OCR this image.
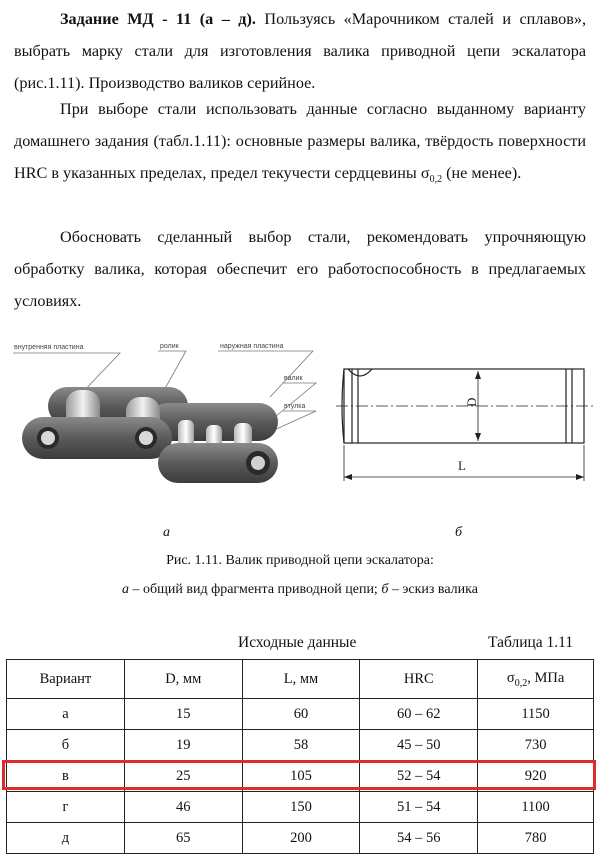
Задание МД - 11 (а – д). Пользуясь «Марочником сталей и сплавов», выбрать марку стали для изготовления валика приводной цепи эскалатора (рис.1.11). Производство валиков серийное.
При выборе стали использовать данные согласно выданному варианту домашнего задания (табл.1.11): основные размеры валика, твёрдость поверхности HRC в указанных пределах, предел текучести сердцевины $\sigma_{0,2}$ (не менее).
Обосновать сделанный выбор стали, рекомендовать упрочняющую обработку валика, которая обеспечит его работоспособность в предлагаемых условиях.
внутренняя пластина	ролик	наружная пластина
валик
втулка	D
L
а	б
Рис. 1.11. Валик приводной цепи эскалатора:
а – общий вид фрагмента приводной цепи; б – эскиз валика
Исходные данные	Таблица 1.11
Вариант	D, мм	L, мм	HRC	$\sigma_{0,2}$, МПа
а	15	60	60 – 62	1150
б	19	58	45 – 50	730
в	25	105	52 – 54	920
г	46	150	51 – 54	1100
д	65	200	54 – 56	780
